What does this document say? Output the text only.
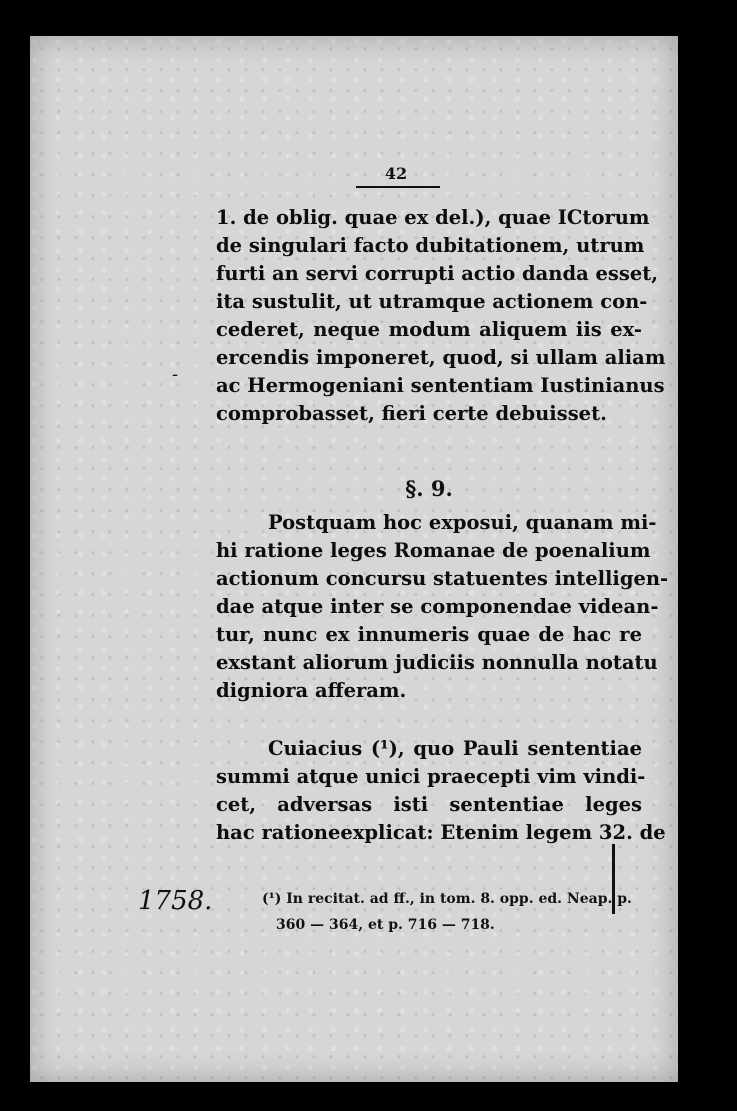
42
-
1. de oblig. quae ex del.), quae ICtorum
de singulari facto dubitationem, utrum
furti an servi corrupti actio danda esset,
ita sustulit, ut utramque actionem con-
cederet, neque modum aliquem iis ex-
ercendis imponeret, quod, si ullam aliam
ac Hermogeniani sententiam Iustinianus
comprobasset, fieri certe debuisset.
§. 9.
Postquam hoc exposui, quanam mi-
hi ratione leges Romanae de poenalium
actionum concursu statuentes intelligen-
dae atque inter se componendae videan-
tur, nunc ex innumeris quae de hac re
exstant aliorum judiciis nonnulla notatu
digniora afferam.
Cuiacius (¹), quo Pauli sententiae
summi atque unici praecepti vim vindi-
cet, adversas isti sententiae leges
hac rationeexplicat: Etenim legem 32. de
1758.	(¹) In recitat. ad ff., in tom. 8. opp. ed. Neap. p.
360 — 364, et p. 716 — 718.
